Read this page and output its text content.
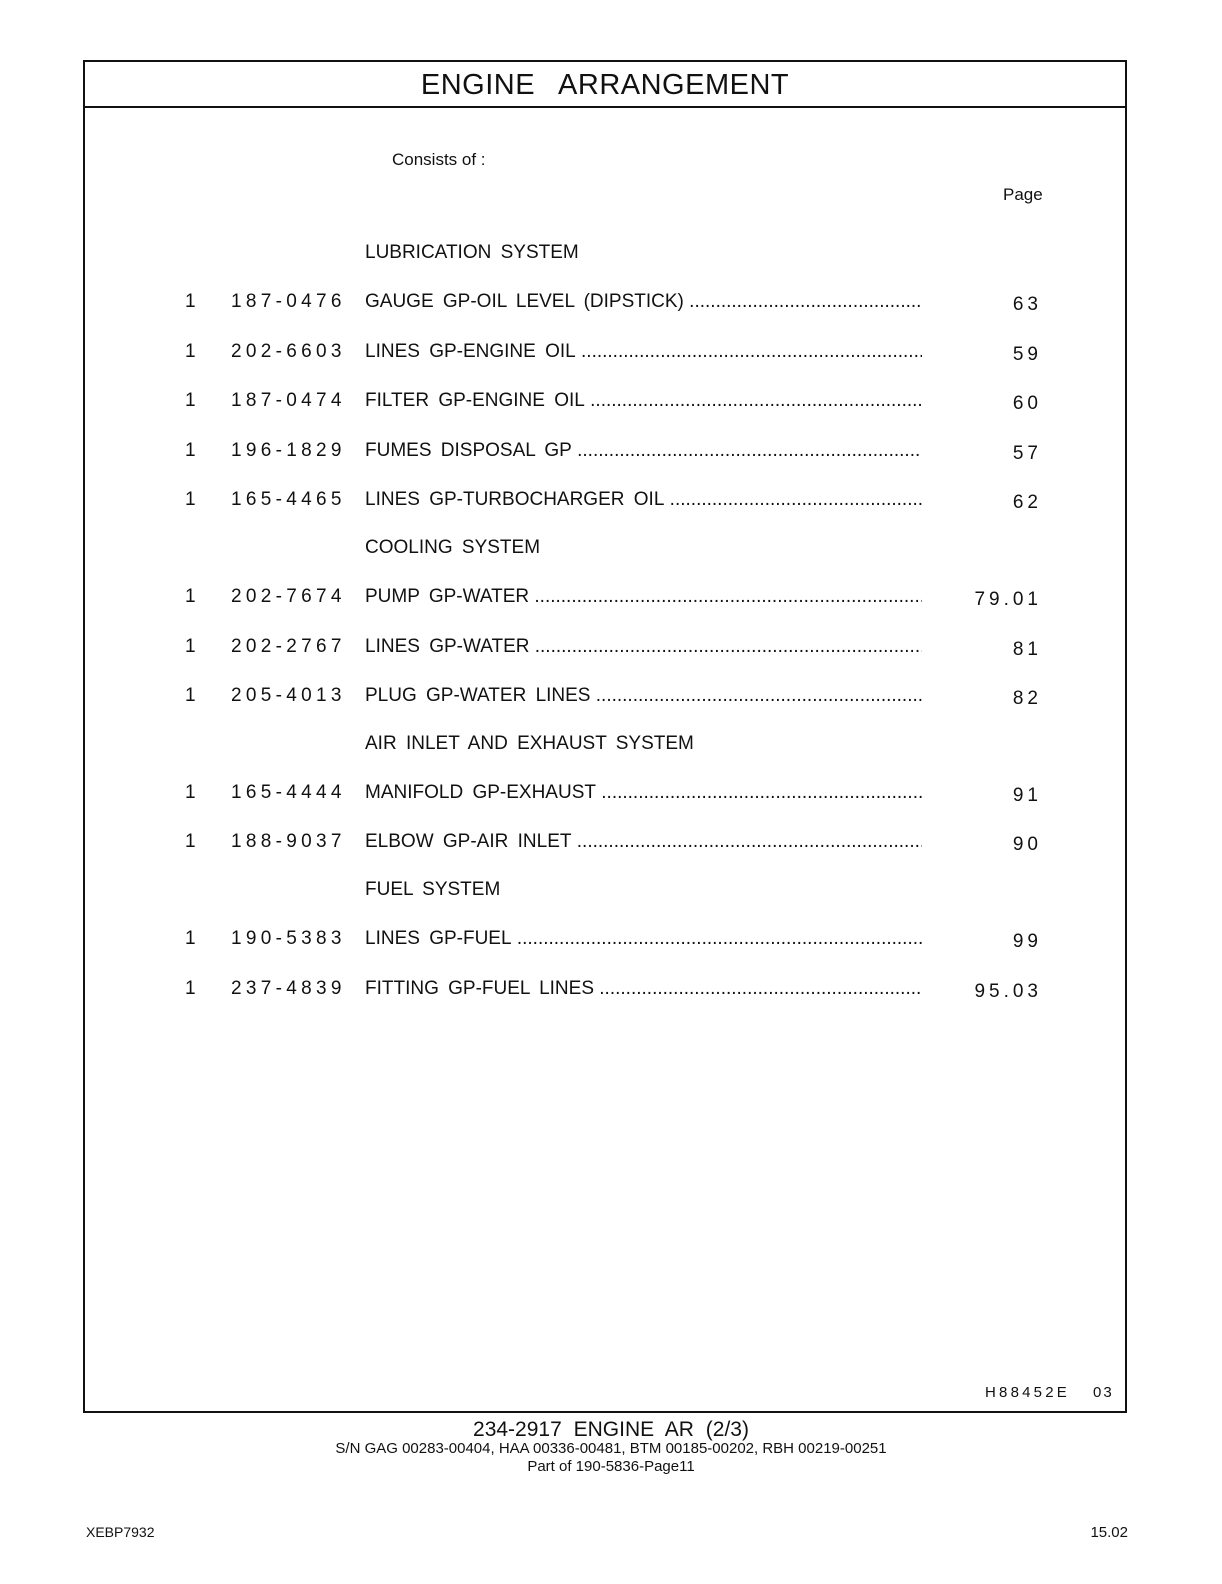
ENGINE ARRANGEMENT
Consists of :
Page
LUBRICATION SYSTEM
1 187-0476 GAUGE GP-OIL LEVEL (DIPSTICK) .....	63
1 202-6603 LINES GP-ENGINE OIL .....	59
1 187-0474 FILTER GP-ENGINE OIL .....	60
1 196-1829 FUMES DISPOSAL GP .....	57
1 165-4465 LINES GP-TURBOCHARGER OIL .....	62
COOLING SYSTEM
1 202-7674 PUMP GP-WATER .....	79.01
1 202-2767 LINES GP-WATER .....	81
1 205-4013 PLUG GP-WATER LINES .....	82
AIR INLET AND EXHAUST SYSTEM
1 165-4444 MANIFOLD GP-EXHAUST .....	91
1 188-9037 ELBOW GP-AIR INLET .....	90
FUEL SYSTEM
1 190-5383 LINES GP-FUEL .....	99
1 237-4839 FITTING GP-FUEL LINES .....	95.03
H88452E 03
234-2917 ENGINE AR (2/3)
S/N GAG 00283-00404, HAA 00336-00481, BTM 00185-00202, RBH 00219-00251
Part of 190-5836-Page11
XEBP7932	15.02
